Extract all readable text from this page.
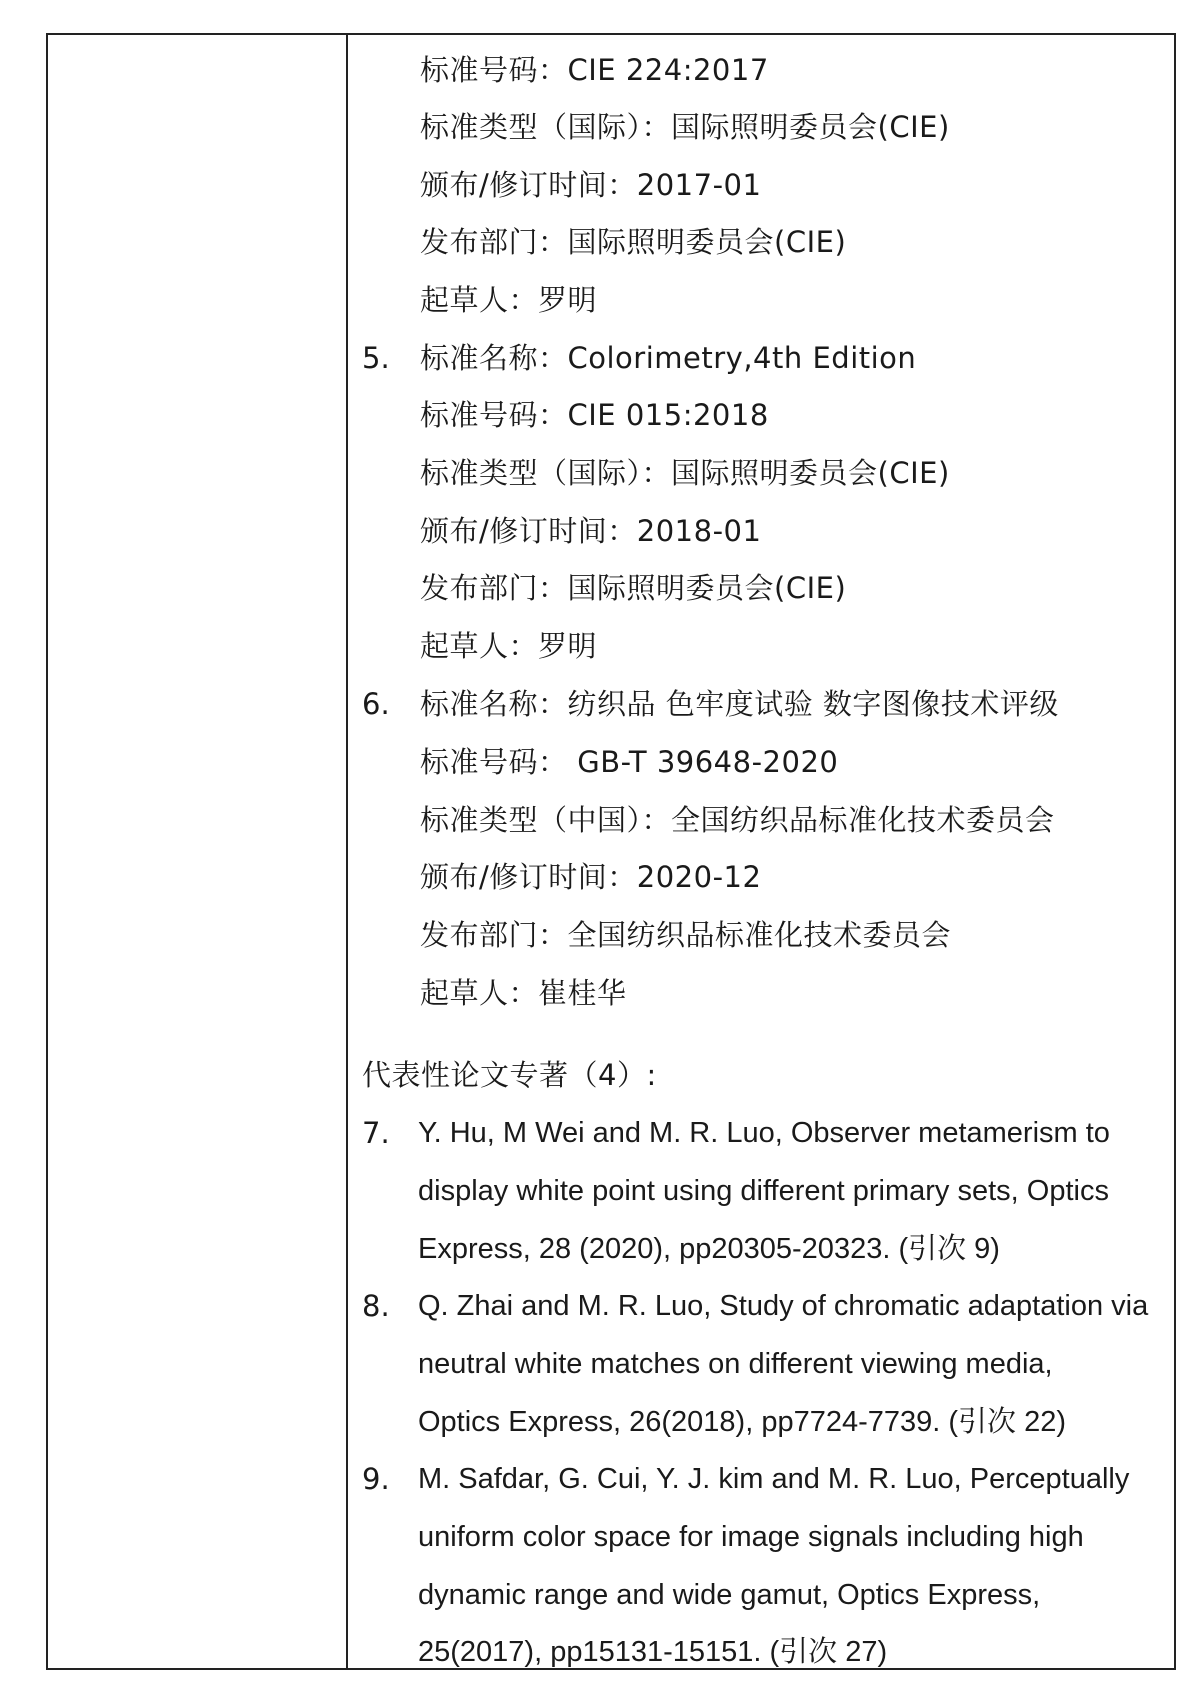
标准号码：CIE 224:2017
标准类型（国际）：国际照明委员会(CIE)
颁布/修订时间：2017-01
发布部门：国际照明委员会(CIE)
起草人：罗明
5. 标准名称：Colorimetry,4th Edition
标准号码：CIE 015:2018
标准类型（国际）：国际照明委员会(CIE)
颁布/修订时间：2018-01
发布部门：国际照明委员会(CIE)
起草人：罗明
6. 标准名称：纺织品 色牢度试验 数字图像技术评级
标准号码： GB-T 39648-2020
标准类型（中国）：全国纺织品标准化技术委员会
颁布/修订时间：2020-12
发布部门：全国纺织品标准化技术委员会
起草人：崔桂华
代表性论文专著（4）:
7. Y. Hu, M Wei and M. R. Luo, Observer metamerism to
display white point using different primary sets, Optics
Express, 28 (2020), pp20305-20323. (引次 9)
8. Q. Zhai and M. R. Luo, Study of chromatic adaptation via
neutral white matches on different viewing media,
Optics Express, 26(2018), pp7724-7739. (引次 22)
9. M. Safdar, G. Cui, Y. J. kim and M. R. Luo, Perceptually
uniform color space for image signals including high
dynamic range and wide gamut, Optics Express,
25(2017), pp15131-15151. (引次 27)
